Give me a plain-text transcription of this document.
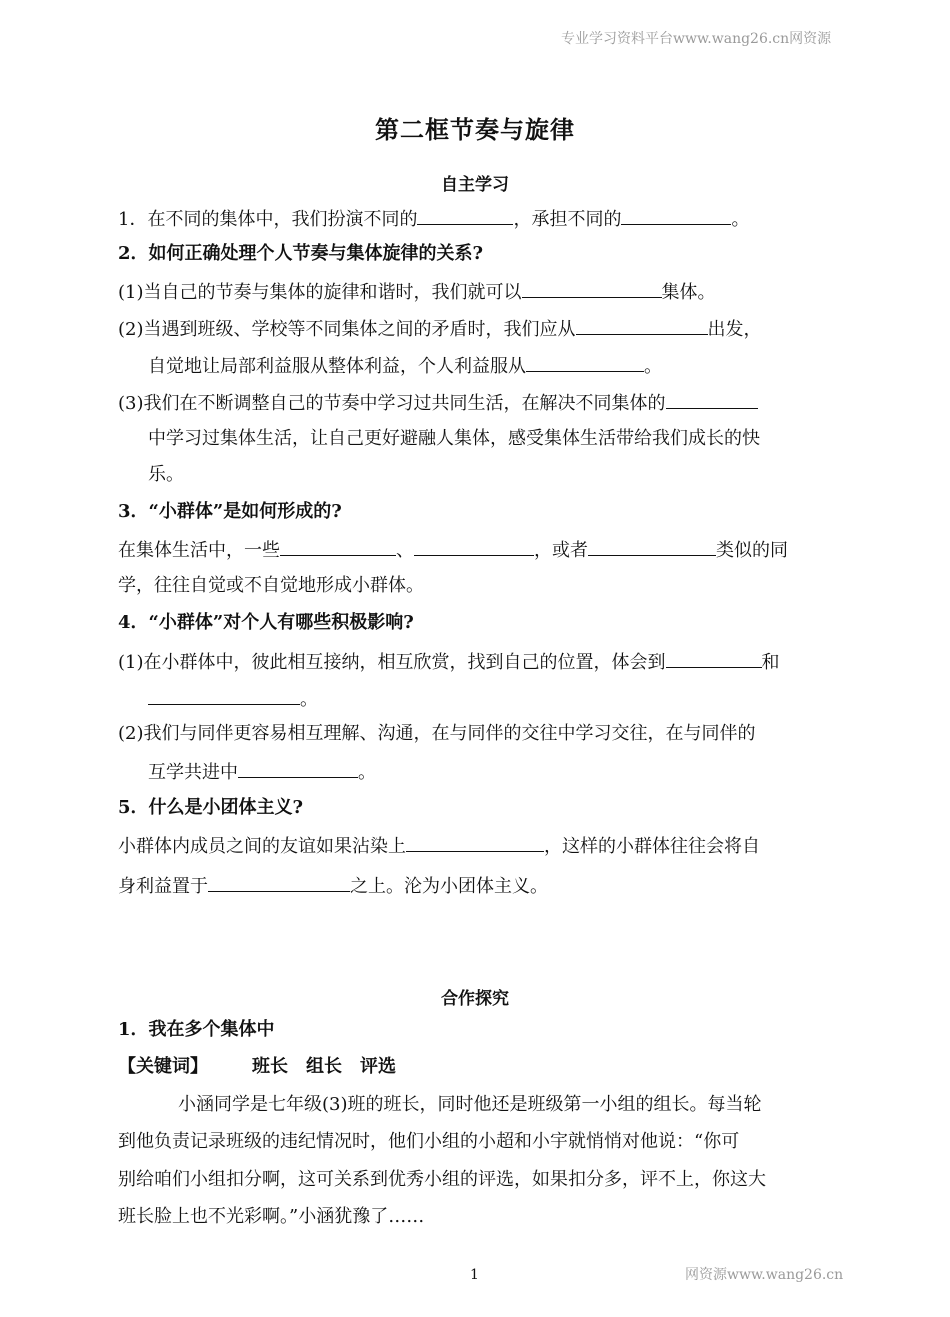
专业学习资料平台www.wang26.cn网资源
第二框节奏与旋律
自主学习
1．在不同的集体中，我们扮演不同的	，承担不同的	。
2．如何正确处理个人节奏与集体旋律的关系?
(1)当自己的节奏与集体的旋律和谐时，我们就可以	集体。
(2)当遇到班级、学校等不同集体之间的矛盾时，我们应从	出发，
自觉地让局部利益服从整体利益，个人利益服从	。
(3)我们在不断调整自己的节奏中学习过共同生活，在解决不同集体的
中学习过集体生活，让自己更好避融人集体，感受集体生活带给我们成长的快
乐。
3．“小群体”是如何形成的?
在集体生活中，一些	、	，或者	类似的同
学，往往自觉或不自觉地形成小群体。
4．“小群体”对个人有哪些积极影响?
(1)在小群体中，彼此相互接纳，相互欣赏，找到自己的位置，体会到	和
。
(2)我们与同伴更容易相互理解、沟通，在与同伴的交往中学习交往，在与同伴的
互学共进中	。
5．什么是小团体主义?
小群体内成员之间的友谊如果沾染上	，这样的小群体往往会将自
身利益置于	之上。沦为小团体主义。
合作探究
1．我在多个集体中
【关键词】 班长 组长 评选
小涵同学是七年级(3)班的班长，同时他还是班级第一小组的组长。每当轮
到他负责记录班级的违纪情况时，他们小组的小超和小宇就悄悄对他说：“你可
别给咱们小组扣分啊，这可关系到优秀小组的评选，如果扣分多，评不上，你这大
班长脸上也不光彩啊。”小涵犹豫了……
1	网资源www.wang26.cn
